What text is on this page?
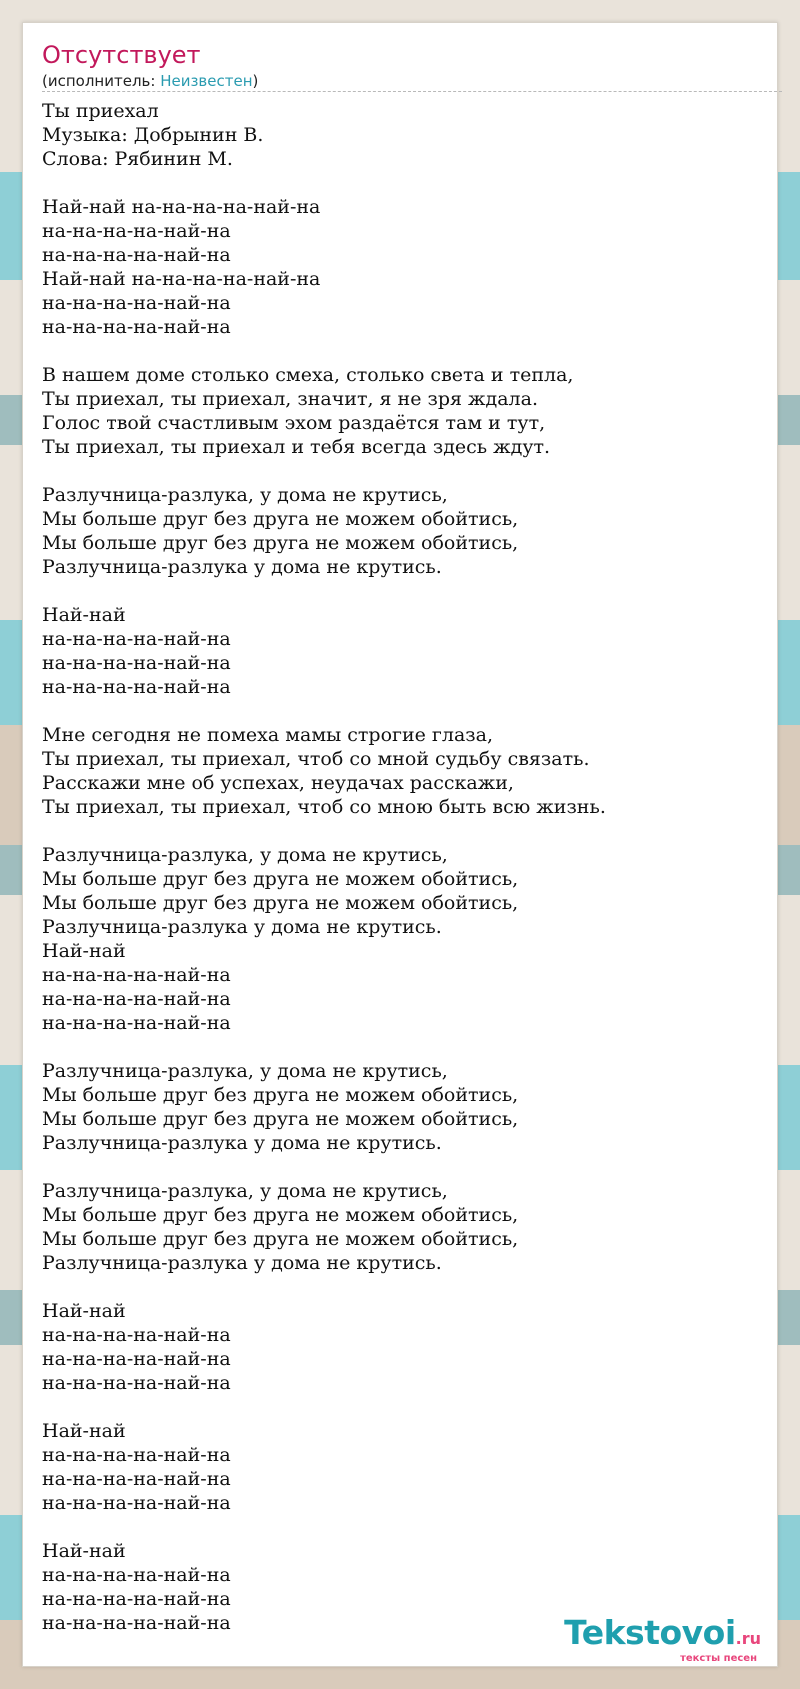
Отсутствует
(исполнитель: Неизвестен)
Ты приехал
Музыка: Добрынин В.
Слова: Рябинин М.
Най-най на-на-на-на-най-на
на-на-на-на-най-на
на-на-на-на-най-на
Най-най на-на-на-на-най-на
на-на-на-на-най-на
на-на-на-на-най-на
В нашем доме столько смеха, столько света и тепла,
Ты приехал, ты приехал, значит, я не зря ждала.
Голос твой счастливым эхом раздаётся там и тут,
Ты приехал, ты приехал и тебя всегда здесь ждут.
Разлучница-разлука, у дома не крутись,
Мы больше друг без друга не можем обойтись,
Мы больше друг без друга не можем обойтись,
Разлучница-разлука у дома не крутись.
Най-най
на-на-на-на-най-на
на-на-на-на-най-на
на-на-на-на-най-на
Мне сегодня не помеха мамы строгие глаза,
Ты приехал, ты приехал, чтоб со мной судьбу связать.
Расскажи мне об успехах, неудачах расскажи,
Ты приехал, ты приехал, чтоб со мною быть всю жизнь.
Разлучница-разлука, у дома не крутись,
Мы больше друг без друга не можем обойтись,
Мы больше друг без друга не можем обойтись,
Разлучница-разлука у дома не крутись.
Най-най
на-на-на-на-най-на
на-на-на-на-най-на
на-на-на-на-най-на
Разлучница-разлука, у дома не крутись,
Мы больше друг без друга не можем обойтись,
Мы больше друг без друга не можем обойтись,
Разлучница-разлука у дома не крутись.
Разлучница-разлука, у дома не крутись,
Мы больше друг без друга не можем обойтись,
Мы больше друг без друга не можем обойтись,
Разлучница-разлука у дома не крутись.
Най-най
на-на-на-на-най-на
на-на-на-на-най-на
на-на-на-на-най-на
Най-най
на-на-на-на-най-на
на-на-на-на-най-на
на-на-на-на-най-на
Най-най
на-на-на-на-най-на
на-на-на-на-най-на
на-на-на-на-най-на	Tekstovoi.ru
тексты песен
